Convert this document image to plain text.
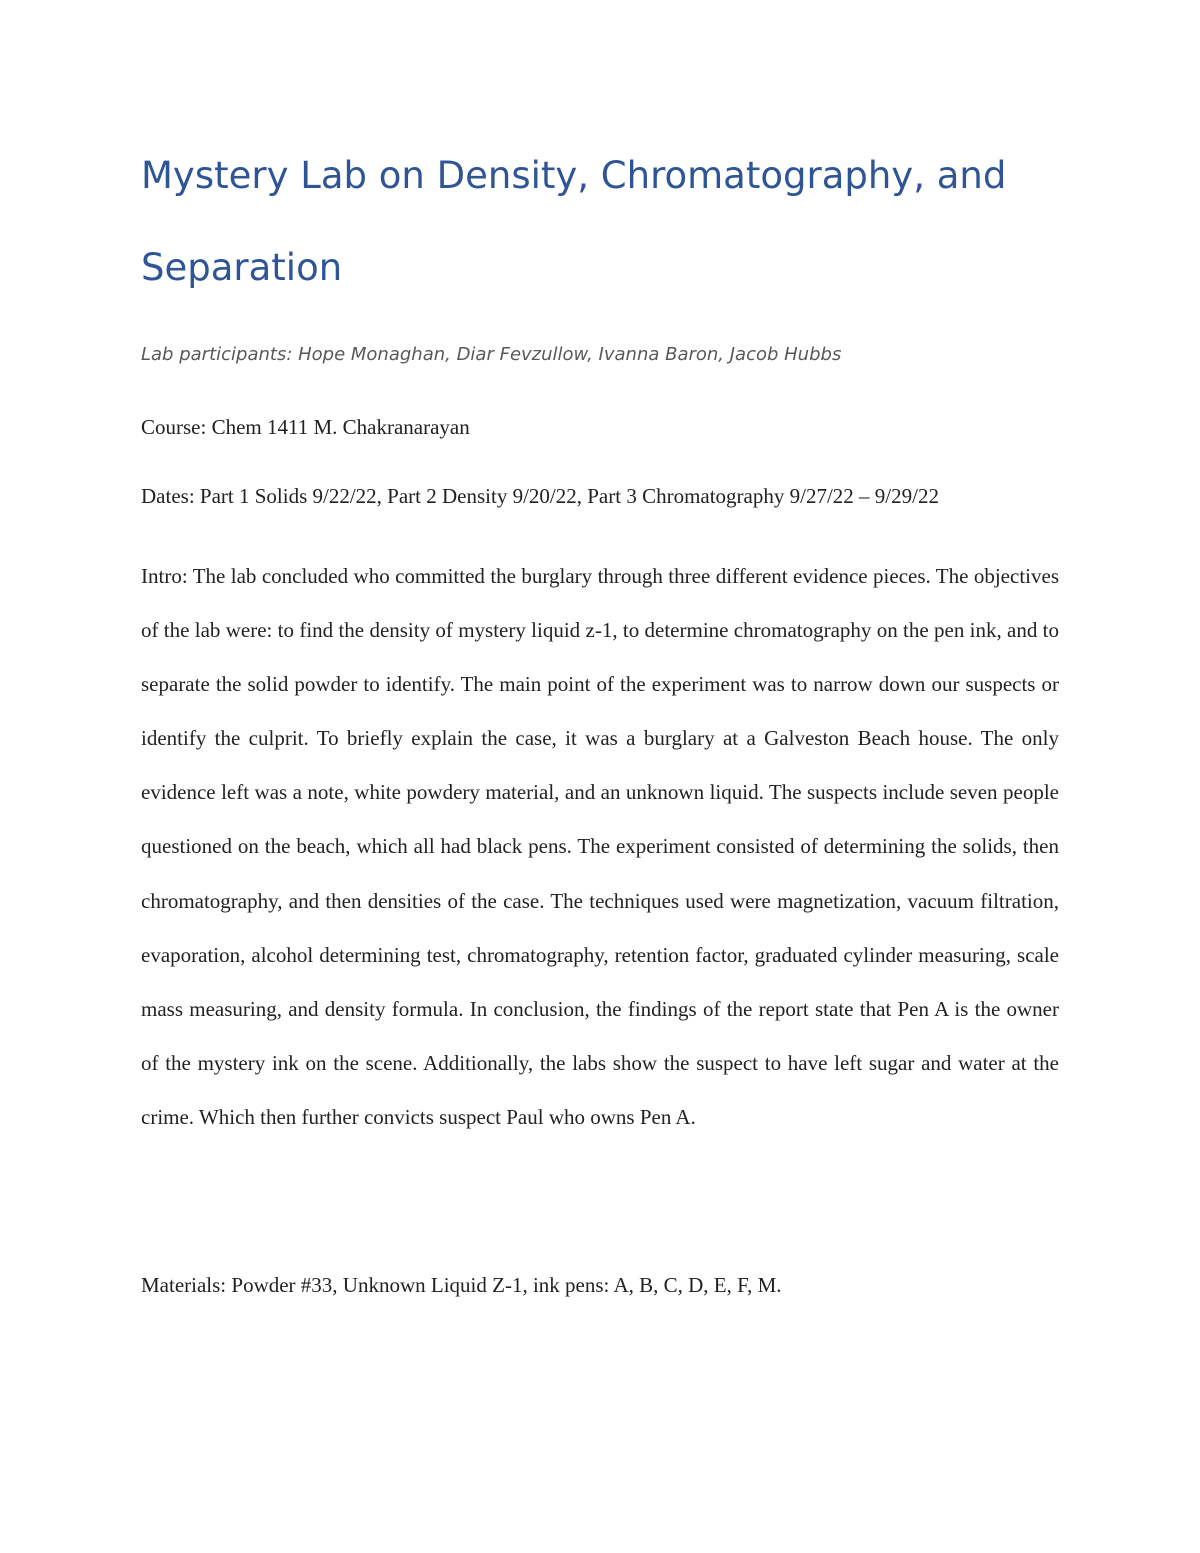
Mystery Lab on Density, Chromatography, and Separation

Lab participants: Hope Monaghan, Diar Fevzullow, Ivanna Baron, Jacob Hubbs

Course: Chem 1411 M. Chakranarayan

Dates: Part 1 Solids 9/22/22, Part 2 Density 9/20/22, Part 3 Chromatography 9/27/22 – 9/29/22

Intro: The lab concluded who committed the burglary through three different evidence pieces. The objectives of the lab were: to find the density of mystery liquid z-1, to determine chromatography on the pen ink, and to separate the solid powder to identify. The main point of the experiment was to narrow down our suspects or identify the culprit. To briefly explain the case, it was a burglary at a Galveston Beach house. The only evidence left was a note, white powdery material, and an unknown liquid. The suspects include seven people questioned on the beach, which all had black pens. The experiment consisted of determining the solids, then chromatography, and then densities of the case. The techniques used were magnetization, vacuum filtration, evaporation, alcohol determining test, chromatography, retention factor, graduated cylinder measuring, scale mass measuring, and density formula. In conclusion, the findings of the report state that Pen A is the owner of the mystery ink on the scene. Additionally, the labs show the suspect to have left sugar and water at the crime. Which then further convicts suspect Paul who owns Pen A.

Materials: Powder #33, Unknown Liquid Z-1, ink pens: A, B, C, D, E, F, M.
